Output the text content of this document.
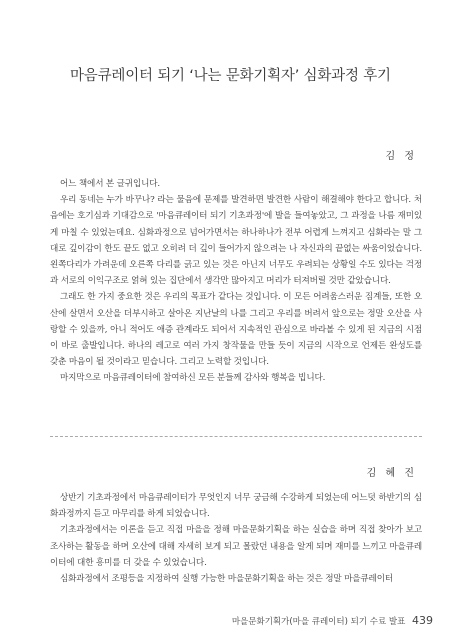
마음큐레이터 되기 ‘나는 문화기획자’ 심화과정 후기
김 정

어느 책에서 본 글귀입니다.

우리 동네는 누가 바꾸나? 라는 물음에 문제를 발견하면 발견한 사람이 해결해야 한다고 합니다. 처음에는 호기심과 기대감으로 '마음큐레이터 되기 기초과정'에 발을 들여놓았고, 그 과정을 나름 재미있게 마칠 수 있었는데요. 심화과정으로 넘어가면서는 하나하나가 전부 어렵게 느껴지고 심화라는 말 그대로 깊이감이 한도 끝도 없고 오히려 더 깊이 들어가지 않으려는 나 자신과의 끝없는 싸움이었습니다. 왼쪽다리가 가려운데 오른쪽 다리를 긁고 있는 것은 아닌지 너무도 우려되는 상황일 수도 있다는 걱정과 서로의 이익구조로 얽혀 있는 집단에서 생각만 많아지고 머리가 터져버릴 것만 같았습니다.

그래도 한 가지 중요한 것은 우리의 목표가 같다는 것입니다. 이 모든 어려움스러운 짐계들, 또한 오산에 살면서 오산을 더부시하고 살아온 지난날의 나를 그리고 우리를 버려서 앞으로는 정말 오산을 사랑할 수 있을까, 아니 적어도 애증 관계라도 되어서 지속적인 관심으로 바라볼 수 있게 된 지금의 시점이 바로 출발입니다. 하나의 레고로 여러 가지 창작물을 만들 듯이 지금의 시작으로 언제든 완성도를 갖춘 마음이 될 것이라고 믿습니다. 그리고 노력할 것입니다.

마지막으로 마음큐레이터에 참여하신 모든 분들께 감사와 행복을 빕니다.

김 혜 진

상반기 기초과정에서 마음큐레이터가 무엇인지 너무 궁금해 수강하게 되었는데 어느덧 하반기의 심화과정까지 듣고 마무리를 하게 되었습니다.

기초과정에서는 이론을 듣고 직접 마을을 정해 마을문화기획을 하는 실습을 하며 직접 찾아가 보고 조사하는 활동을 하며 오산에 대해 자세히 보게 되고 몰랐던 내용을 알게 되며 재미를 느끼고 마을큐레이터에 대한 흥미를 더 갖을 수 있었습니다.

심화과정에서 조평등을 지정하여 실행 가능한 마을문화기획을 하는 것은 정말 마을큐레이터

마을문화기획가(마을 큐레이터) 되기 수료 발표 439
